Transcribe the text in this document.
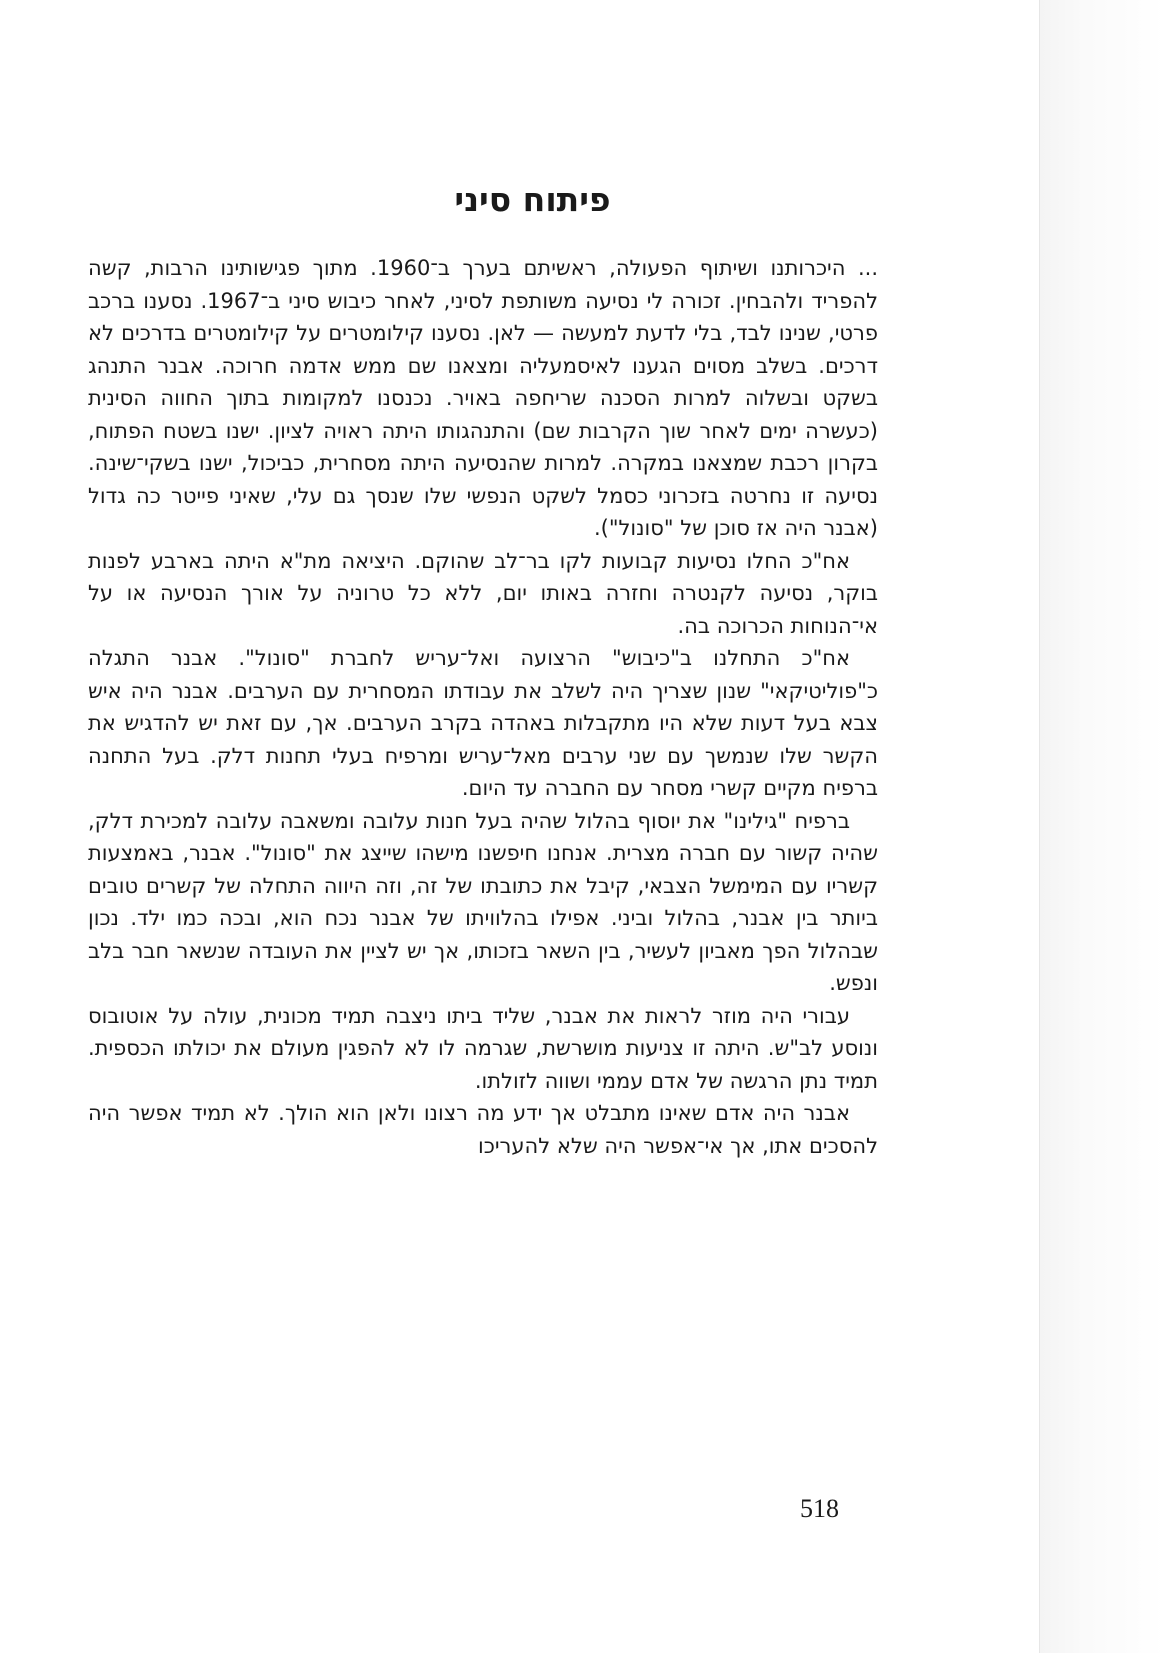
פיתוח סיני

... היכרותנו ושיתוף הפעולה, ראשיתם בערך ב־1960. מתוך פגישותינו הרבות, קשה להפריד ולהבחין. זכורה לי נסיעה משותפת לסיני, לאחר כיבוש סיני ב־1967. נסענו ברכב פרטי, שנינו לבד, בלי לדעת למעשה — לאן. נסענו קילומטרים על קילומטרים בדרכים לא דרכים. בשלב מסוים הגענו לאיסמעליה ומצאנו שם ממש אדמה חרוכה. אבנר התנהג בשקט ובשלוה למרות הסכנה שריחפה באויר. נכנסנו למקומות בתוך החווה הסינית (כעשרה ימים לאחר שוך הקרבות שם) והתנהגותו היתה ראויה לציון. ישנו בשטח הפתוח, בקרון רכבת שמצאנו במקרה. למרות שהנסיעה היתה מסחרית, כביכול, ישנו בשקי־שינה. נסיעה זו נחרטה בזכרוני כסמל לשקט הנפשי שלו שנסך גם עלי, שאיני פייטר כה גדול (אבנר היה אז סוכן של "סונול").

אח"כ החלו נסיעות קבועות לקו בר־לב שהוקם. היציאה מת"א היתה בארבע לפנות בוקר, נסיעה לקנטרה וחזרה באותו יום, ללא כל טרוניה על אורך הנסיעה או על אי־הנוחות הכרוכה בה.

אח"כ התחלנו ב"כיבוש" הרצועה ואל־עריש לחברת "סונול". אבנר התגלה כ"פוליטיקאי" שנון שצריך היה לשלב את עבודתו המסחרית עם הערבים. אבנר היה איש צבא בעל דעות שלא היו מתקבלות באהדה בקרב הערבים. אך, עם זאת יש להדגיש את הקשר שלו שנמשך עם שני ערבים מאל־עריש ומרפיח בעלי תחנות דלק. בעל התחנה ברפיח מקיים קשרי מסחר עם החברה עד היום.

ברפיח "גילינו" את יוסוף בהלול שהיה בעל חנות עלובה ומשאבה עלובה למכירת דלק, שהיה קשור עם חברה מצרית. אנחנו חיפשנו מישהו שייצג את "סונול". אבנר, באמצעות קשריו עם המימשל הצבאי, קיבל את כתובתו של זה, וזה היווה התחלה של קשרים טובים ביותר בין אבנר, בהלול וביני. אפילו בהלוויתו של אבנר נכח הוא, ובכה כמו ילד. נכון שבהלול הפך מאביון לעשיר, בין השאר בזכותו, אך יש לציין את העובדה שנשאר חבר בלב ונפש.

עבורי היה מוזר לראות את אבנר, שליד ביתו ניצבה תמיד מכונית, עולה על אוטובוס ונוסע לב"ש. היתה זו צניעות מושרשת, שגרמה לו לא להפגין מעולם את יכולתו הכספית. תמיד נתן הרגשה של אדם עממי ושווה לזולתו.

אבנר היה אדם שאינו מתבלט אך ידע מה רצונו ולאן הוא הולך. לא תמיד אפשר היה להסכים אתו, אך אי־אפשר היה שלא להעריכו

518
